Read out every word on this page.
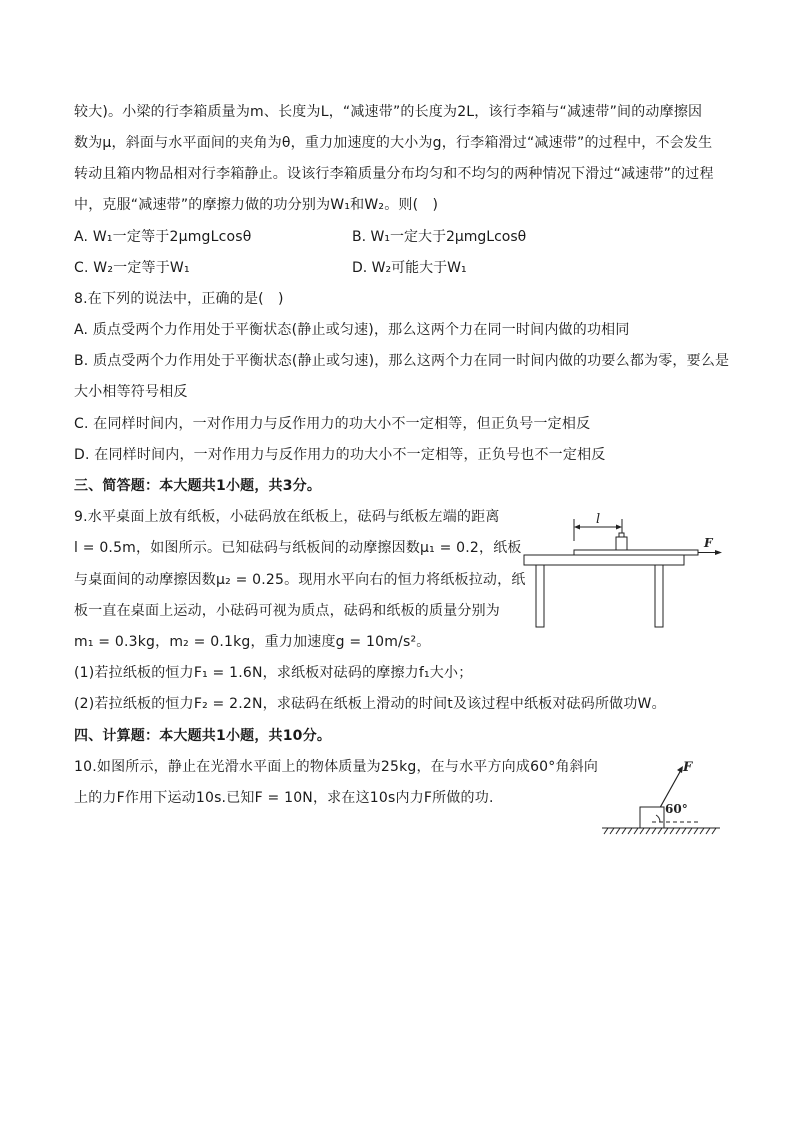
较大)。小梁的行李箱质量为m、长度为L，“减速带”的长度为2L，该行李箱与“减速带”间的动摩擦因
数为μ，斜面与水平面间的夹角为θ，重力加速度的大小为g，行李箱滑过“减速带”的过程中，不会发生
转动且箱内物品相对行李箱静止。设该行李箱质量分布均匀和不均匀的两种情况下滑过“减速带”的过程
中，克服“减速带”的摩擦力做的功分别为W₁和W₂。则(　)
A. W₁一定等于2μmgLcosθ	B. W₁一定大于2μmgLcosθ
C. W₂一定等于W₁	D. W₂可能大于W₁
8.在下列的说法中，正确的是(　)
A. 质点受两个力作用处于平衡状态(静止或匀速)，那么这两个力在同一时间内做的功相同
B. 质点受两个力作用处于平衡状态(静止或匀速)，那么这两个力在同一时间内做的功要么都为零，要么是
大小相等符号相反
C. 在同样时间内，一对作用力与反作用力的功大小不一定相等，但正负号一定相反
D. 在同样时间内，一对作用力与反作用力的功大小不一定相等，正负号也不一定相反
三、简答题：本大题共1小题，共3分。
9.水平桌面上放有纸板，小砝码放在纸板上，砝码与纸板左端的距离
l = 0.5m，如图所示。已知砝码与纸板间的动摩擦因数μ₁ = 0.2，纸板
与桌面间的动摩擦因数μ₂ = 0.25。现用水平向右的恒力将纸板拉动，纸
板一直在桌面上运动，小砝码可视为质点，砝码和纸板的质量分别为
m₁ = 0.3kg，m₂ = 0.1kg，重力加速度g = 10m/s²。
(1)若拉纸板的恒力F₁ = 1.6N，求纸板对砝码的摩擦力f₁大小；
(2)若拉纸板的恒力F₂ = 2.2N，求砝码在纸板上滑动的时间t及该过程中纸板对砝码所做功W。
l
F
四、计算题：本大题共1小题，共10分。
10.如图所示，静止在光滑水平面上的物体质量为25kg，在与水平方向成60°角斜向
上的力F作用下运动10s.已知F = 10N，求在这10s内力F所做的功.
F
60°
